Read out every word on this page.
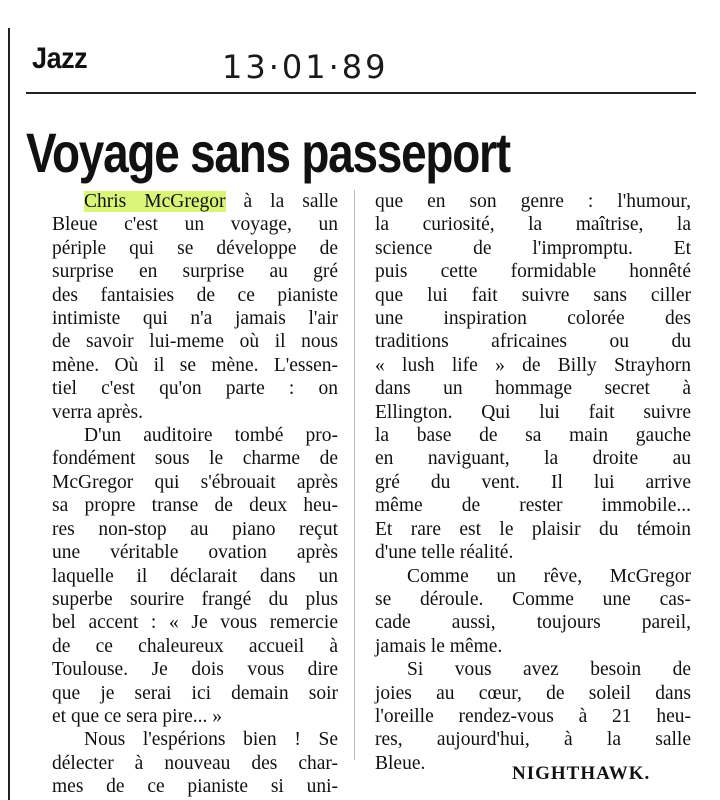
Jazz	13·01·89
Voyage sans passeport
Chris McGregor à la salle
Bleue c'est un voyage, un
périple qui se développe de
surprise en surprise au gré
des fantaisies de ce pianiste
intimiste qui n'a jamais l'air
de savoir lui-meme où il nous
mène. Où il se mène. L'essen-
tiel c'est qu'on parte : on
verra après.
D'un auditoire tombé pro-
fondément sous le charme de
McGregor qui s'ébrouait après
sa propre transe de deux heu-
res non-stop au piano reçut
une véritable ovation après
laquelle il déclarait dans un
superbe sourire frangé du plus
bel accent : « Je vous remercie
de ce chaleureux accueil à
Toulouse. Je dois vous dire
que je serai ici demain soir
et que ce sera pire... »
Nous l'espérions bien ! Se
délecter à nouveau des char-
mes de ce pianiste si uni-
que en son genre : l'humour,
la curiosité, la maîtrise, la
science de l'impromptu. Et
puis cette formidable honnêté
que lui fait suivre sans ciller
une inspiration colorée des
traditions africaines ou du
« lush life » de Billy Strayhorn
dans un hommage secret à
Ellington. Qui lui fait suivre
la base de sa main gauche
en naviguant, la droite au
gré du vent. Il lui arrive
même de rester immobile...
Et rare est le plaisir du témoin
d'une telle réalité.
Comme un rêve, McGregor
se déroule. Comme une cas-
cade aussi, toujours pareil,
jamais le même.
Si vous avez besoin de
joies au cœur, de soleil dans
l'oreille rendez-vous à 21 heu-
res, aujourd'hui, à la salle
Bleue.	NIGHTHAWK.
